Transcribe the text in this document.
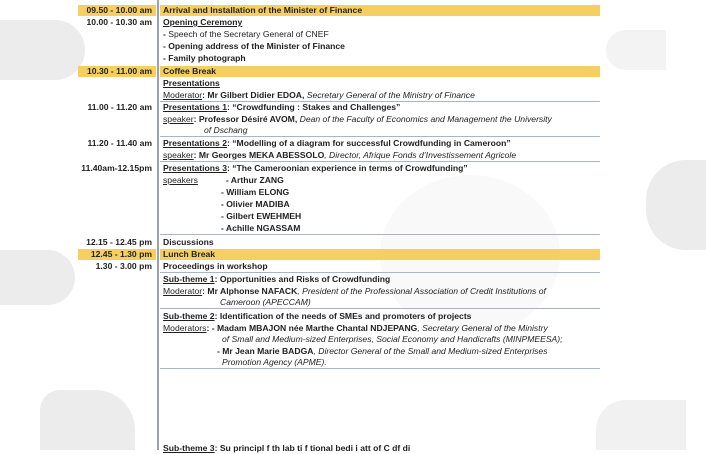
09.50 - 10.00 am	Arrival and Installation of the Minister of Finance
10.00 - 10.30 am	Opening Ceremony
- Speech of the Secretary General of CNEF
- Opening address of the Minister of Finance
- Family photograph
10.30 - 11.00 am	Coffee Break
Presentations
Moderator: Mr Gilbert Didier EDOA, Secretary General of the Ministry of Finance
11.00 - 11.20 am	Presentations 1: “Crowdfunding : Stakes and Challenges”
speaker: Professor Désiré AVOM, Dean of the Faculty of Economics and Management the University
of Dschang
11.20 - 11.40 am	Presentations 2: “Modelling of a diagram for successful Crowdfunding in Cameroon”
speaker: Mr Georges MEKA ABESSOLO, Director, Afrique Fonds d’Investissement Agricole
11.40am-12.15pm	Presentations 3: “The Cameroonian experience in terms of Crowdfunding”
speakers	- Arthur ZANG
- William ELONG
- Olivier MADIBA
- Gilbert EWEHMEH
- Achille NGASSAM
12.15 - 12.45 pm	Discussions
12.45 - 1.30 pm	Lunch Break
1.30 - 3.00 pm	Proceedings in workshop
Sub-theme 1: Opportunities and Risks of Crowdfunding
Moderator: Mr Alphonse NAFACK, President of the Professional Association of Credit Institutions of
Cameroon (APECCAM)
Sub-theme 2: Identification of the needs of SMEs and promoters of projects
Moderators: - Madam MBAJON née Marthe Chantal NDJEPANG, Secretary General of the Ministry
of Small and Medium-sized Enterprises, Social Economy and Handicrafts (MINPMEESA);
- Mr Jean Marie BADGA, Director General of the Small and Medium-sized Enterprises
Promotion Agency (APME).
Sub-theme 3: Su principl f th lab ti f tional bedi i att of C df di
